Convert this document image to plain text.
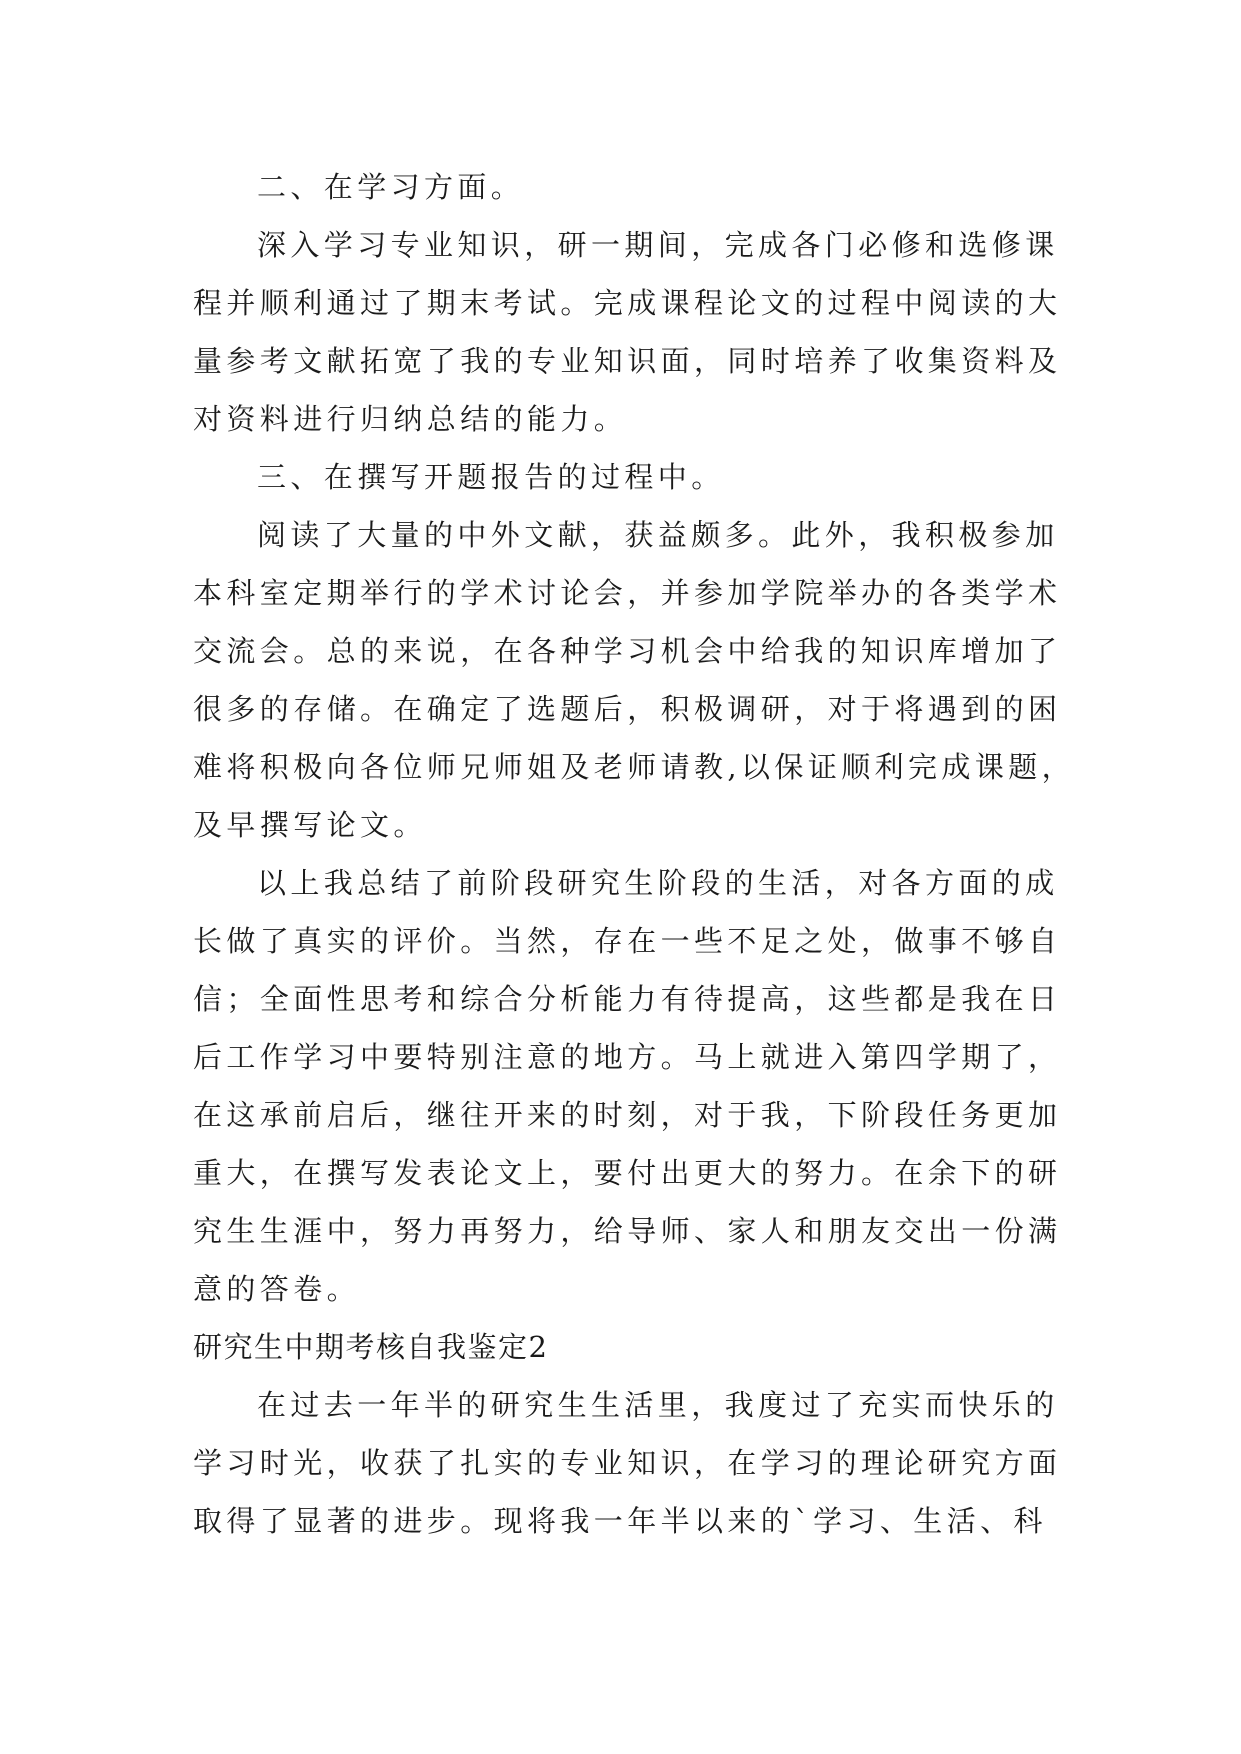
二、在学习方面。

深入学习专业知识，研一期间，完成各门必修和选修课

程并顺利通过了期末考试。完成课程论文的过程中阅读的大

量参考文献拓宽了我的专业知识面，同时培养了收集资料及

对资料进行归纳总结的能力。

三、在撰写开题报告的过程中。

阅读了大量的中外文献，获益颇多。此外，我积极参加

本科室定期举行的学术讨论会，并参加学院举办的各类学术

交流会。总的来说，在各种学习机会中给我的知识库增加了

很多的存储。在确定了选题后，积极调研，对于将遇到的困

难将积极向各位师兄师姐及老师请教,以保证顺利完成课题，

及早撰写论文。

以上我总结了前阶段研究生阶段的生活，对各方面的成

长做了真实的评价。当然，存在一些不足之处，做事不够自

信；全面性思考和综合分析能力有待提高，这些都是我在日

后工作学习中要特别注意的地方。马上就进入第四学期了，

在这承前启后，继往开来的时刻，对于我，下阶段任务更加

重大，在撰写发表论文上，要付出更大的努力。在余下的研

究生生涯中，努力再努力，给导师、家人和朋友交出一份满

意的答卷。

研究生中期考核自我鉴定2

在过去一年半的研究生生活里，我度过了充实而快乐的

学习时光，收获了扎实的专业知识，在学习的理论研究方面

取得了显著的进步。现将我一年半以来的`学习、生活、科
